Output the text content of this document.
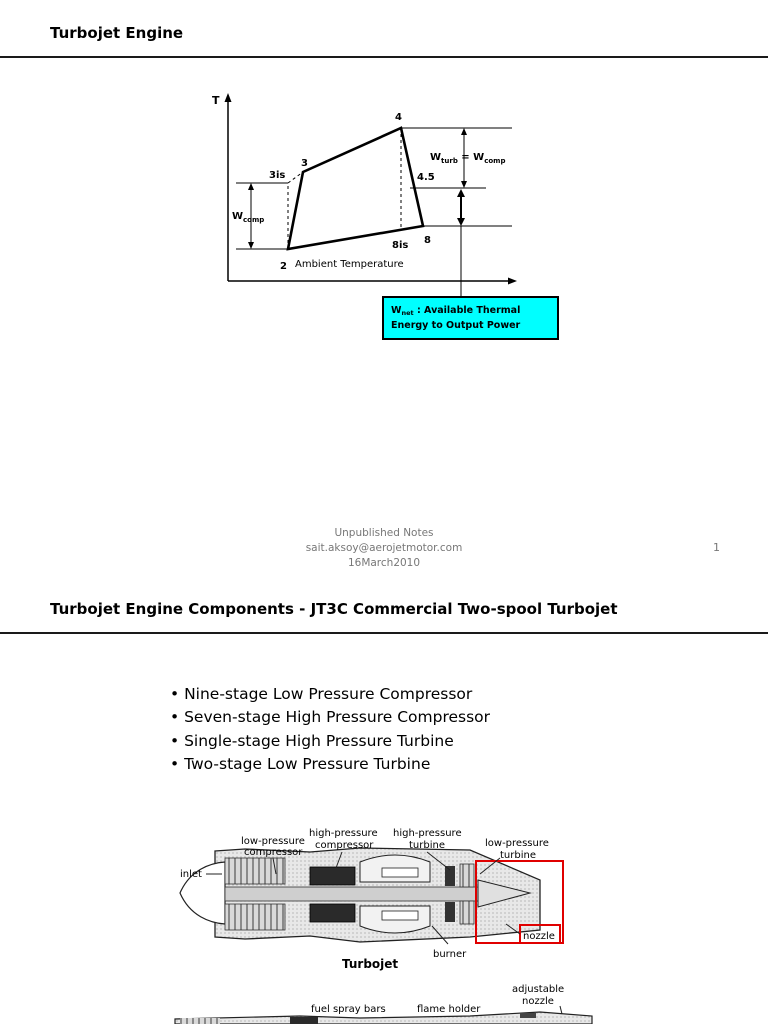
Turbojet Engine
T
4
3
3is	4.5
8
8is
2 Ambient Temperature
$W_{turb} = W_{comp}$
$W_{comp}$
$W_{net}$ : Available Thermal
Energy to Output Power
Unpublished Notes
sait.aksoy@aerojetmotor.com
16March2010
1
Turbojet Engine Components - JT3C Commercial Two-spool Turbojet
• Nine-stage Low Pressure Compressor
• Seven-stage High Pressure Compressor
• Single-stage High Pressure Turbine
• Two-stage Low Pressure Turbine
inlet
low-pressure
compressor
high-pressure
compressor
high-pressure
turbine	low-pressure
turbine
burner
nozzle
Turbojet
adjustable
nozzle
fuel spray bars	flame holder
